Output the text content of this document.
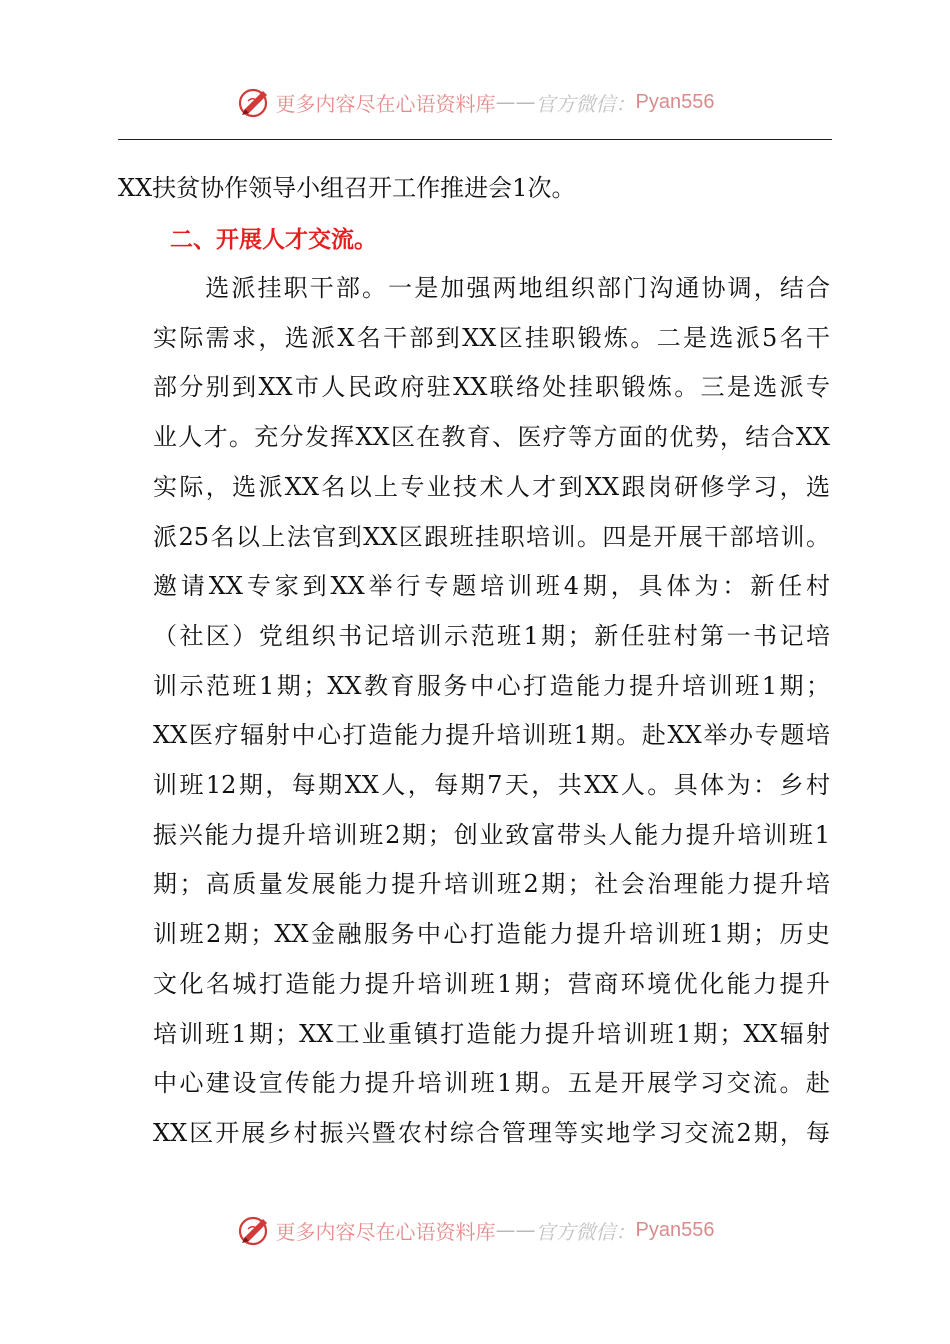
更多内容尽在心语资料库 —— 官方微信： Pyan556
XX扶贫协作领导小组召开工作推进会1次。
二、开展人才交流。
　　选派挂职干部。一是加强两地组织部门沟通协调，结合
实际需求，选派X名干部到XX区挂职锻炼。二是选派5名干
部分别到XX市人民政府驻XX联络处挂职锻炼。三是选派专
业人才。充分发挥XX区在教育、医疗等方面的优势，结合XX
实际，选派XX名以上专业技术人才到XX跟岗研修学习，选
派25名以上法官到XX区跟班挂职培训。四是开展干部培训。
邀请XX专家到XX举行专题培训班4期，具体为：新任村
（社区）党组织书记培训示范班1期；新任驻村第一书记培
训示范班1期；XX教育服务中心打造能力提升培训班1期；
XX医疗辐射中心打造能力提升培训班1期。赴XX举办专题培
训班12期，每期XX人，每期7天，共XX人。具体为：乡村
振兴能力提升培训班2期；创业致富带头人能力提升培训班1
期；高质量发展能力提升培训班2期；社会治理能力提升培
训班2期；XX金融服务中心打造能力提升培训班1期；历史
文化名城打造能力提升培训班1期；营商环境优化能力提升
培训班1期；XX工业重镇打造能力提升培训班1期；XX辐射
中心建设宣传能力提升培训班1期。五是开展学习交流。赴
XX区开展乡村振兴暨农村综合管理等实地学习交流2期，每
更多内容尽在心语资料库 —— 官方微信： Pyan556
